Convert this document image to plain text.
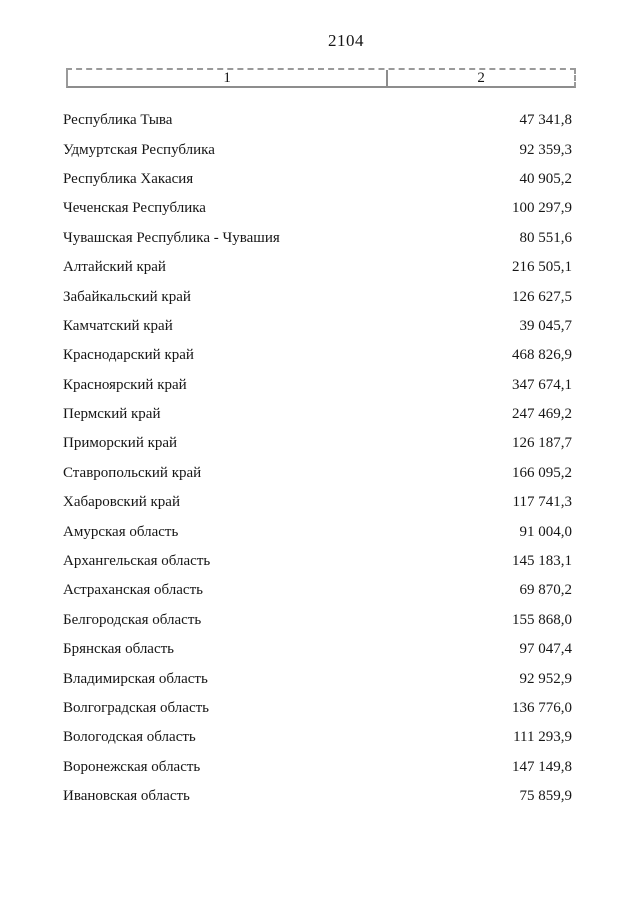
2104
1	2
Республика Тыва	47 341,8
Удмуртская Республика	92 359,3
Республика Хакасия	40 905,2
Чеченская Республика	100 297,9
Чувашская Республика - Чувашия	80 551,6
Алтайский край	216 505,1
Забайкальский край	126 627,5
Камчатский край	39 045,7
Краснодарский край	468 826,9
Красноярский край	347 674,1
Пермский край	247 469,2
Приморский край	126 187,7
Ставропольский край	166 095,2
Хабаровский край	117 741,3
Амурская область	91 004,0
Архангельская область	145 183,1
Астраханская область	69 870,2
Белгородская область	155 868,0
Брянская область	97 047,4
Владимирская область	92 952,9
Волгоградская область	136 776,0
Вологодская область	111 293,9
Воронежская область	147 149,8
Ивановская область	75 859,9
